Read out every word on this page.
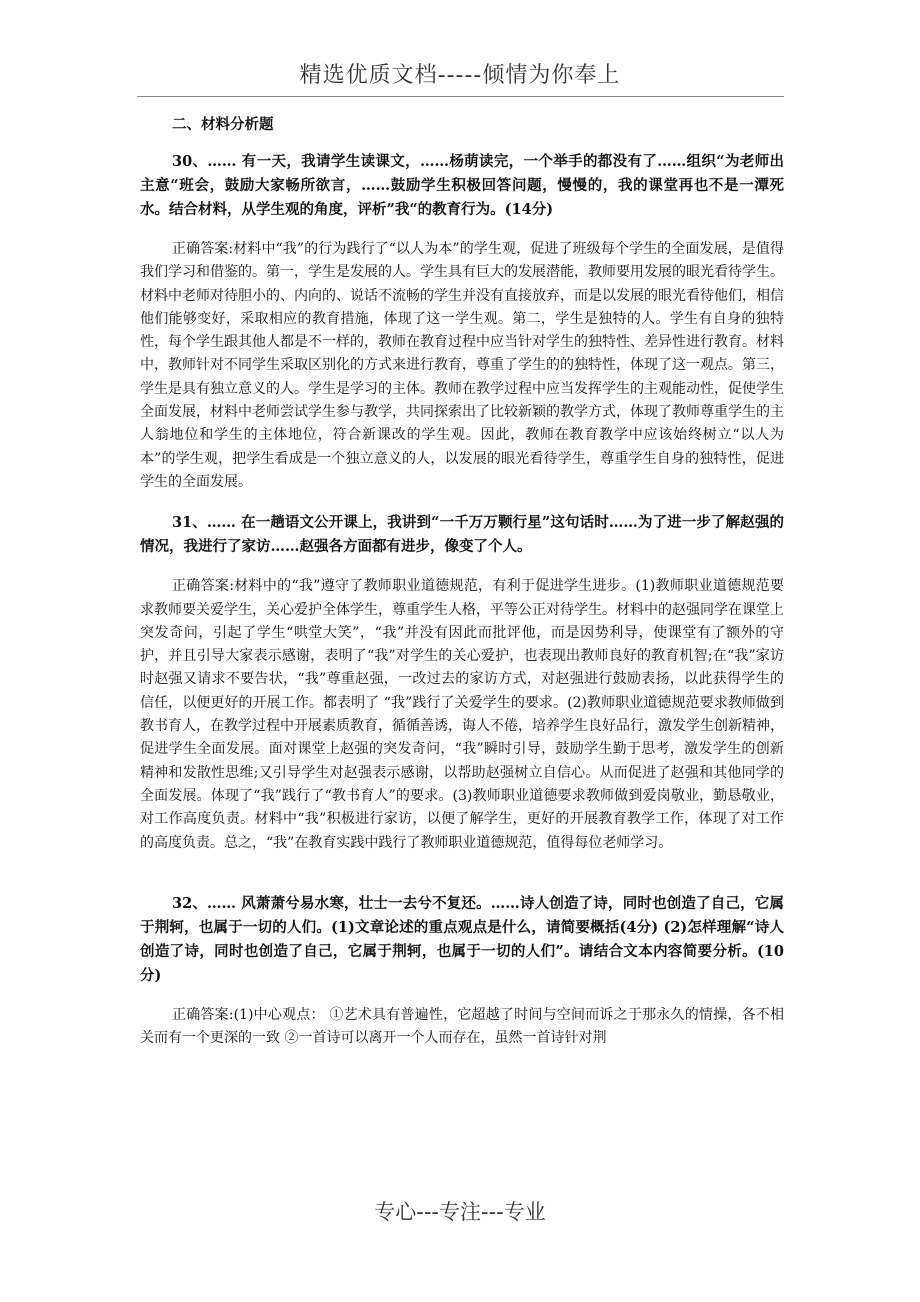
精选优质文档-----倾情为你奉上
二、材料分析题

30、…… 有一天，我请学生读课文，……杨萌读完，一个举手的都没有了……组织“为老师出主意“班会，鼓励大家畅所欲言，……鼓励学生积极回答问题，慢慢的，我的课堂再也不是一潭死水。结合材料，从学生观的角度，评析”我“的教育行为。(14分)

正确答案:材料中“我”的行为践行了“以人为本”的学生观，促进了班级每个学生的全面发展，是值得我们学习和借鉴的。第一，学生是发展的人。学生具有巨大的发展潜能，教师要用发展的眼光看待学生。材料中老师对待胆小的、内向的、说话不流畅的学生并没有直接放弃，而是以发展的眼光看待他们，相信他们能够变好，采取相应的教育措施，体现了这一学生观。第二，学生是独特的人。学生有自身的独特性，每个学生跟其他人都是不一样的，教师在教育过程中应当针对学生的独特性、差异性进行教育。材料中，教师针对不同学生采取区别化的方式来进行教育，尊重了学生的的独特性，体现了这一观点。第三，学生是具有独立意义的人。学生是学习的主体。教师在教学过程中应当发挥学生的主观能动性，促使学生全面发展，材料中老师尝试学生参与教学，共同探索出了比较新颖的教学方式，体现了教师尊重学生的主人翁地位和学生的主体地位，符合新课改的学生观。因此，教师在教育教学中应该始终树立“以人为本”的学生观，把学生看成是一个独立意义的人，以发展的眼光看待学生，尊重学生自身的独特性，促进学生的全面发展。

31、…… 在一趟语文公开课上，我讲到“一千万万颗行星”这句话时……为了进一步了解赵强的情况，我进行了家访……赵强各方面都有进步，像变了个人。

正确答案:材料中的“我”遵守了教师职业道德规范，有利于促进学生进步。(1)教师职业道德规范要求教师要关爱学生，关心爱护全体学生，尊重学生人格，平等公正对待学生。材料中的赵强同学在课堂上突发奇问，引起了学生“哄堂大笑”，“我”并没有因此而批评他，而是因势利导，使课堂有了额外的守护，并且引导大家表示感谢，表明了“我”对学生的关心爱护，也表现出教师良好的教育机智;在“我”家访时赵强又请求不要告状，“我”尊重赵强，一改过去的家访方式，对赵强进行鼓励表扬，以此获得学生的信任，以便更好的开展工作。都表明了 “我”践行了关爱学生的要求。(2)教师职业道德规范要求教师做到教书育人，在教学过程中开展素质教育，循循善诱，诲人不倦，培养学生良好品行，激发学生创新精神，促进学生全面发展。面对课堂上赵强的突发奇问，“我”瞬时引导，鼓励学生勤于思考，激发学生的创新精神和发散性思维;又引导学生对赵强表示感谢，以帮助赵强树立自信心。从而促进了赵强和其他同学的全面发展。体现了“我”践行了“教书育人”的要求。(3)教师职业道德要求教师做到爱岗敬业，勤恳敬业，对工作高度负责。材料中“我”积极进行家访，以便了解学生，更好的开展教育教学工作，体现了对工作的高度负责。总之，“我”在教育实践中践行了教师职业道德规范，值得每位老师学习。

32、…… 风萧萧兮易水寒，壮士一去兮不复还。……诗人创造了诗，同时也创造了自己，它属于荆轲，也属于一切的人们。(1)文章论述的重点观点是什么，请简要概括(4分) (2)怎样理解“诗人创造了诗，同时也创造了自己，它属于荆轲，也属于一切的人们”。请结合文本内容简要分析。(10分)

正确答案:(1)中心观点： ①艺术具有普遍性，它超越了时间与空间而诉之于那永久的情操，各不相关而有一个更深的一致 ②一首诗可以离开一个人而存在，虽然一首诗针对荆

专心---专注---专业
